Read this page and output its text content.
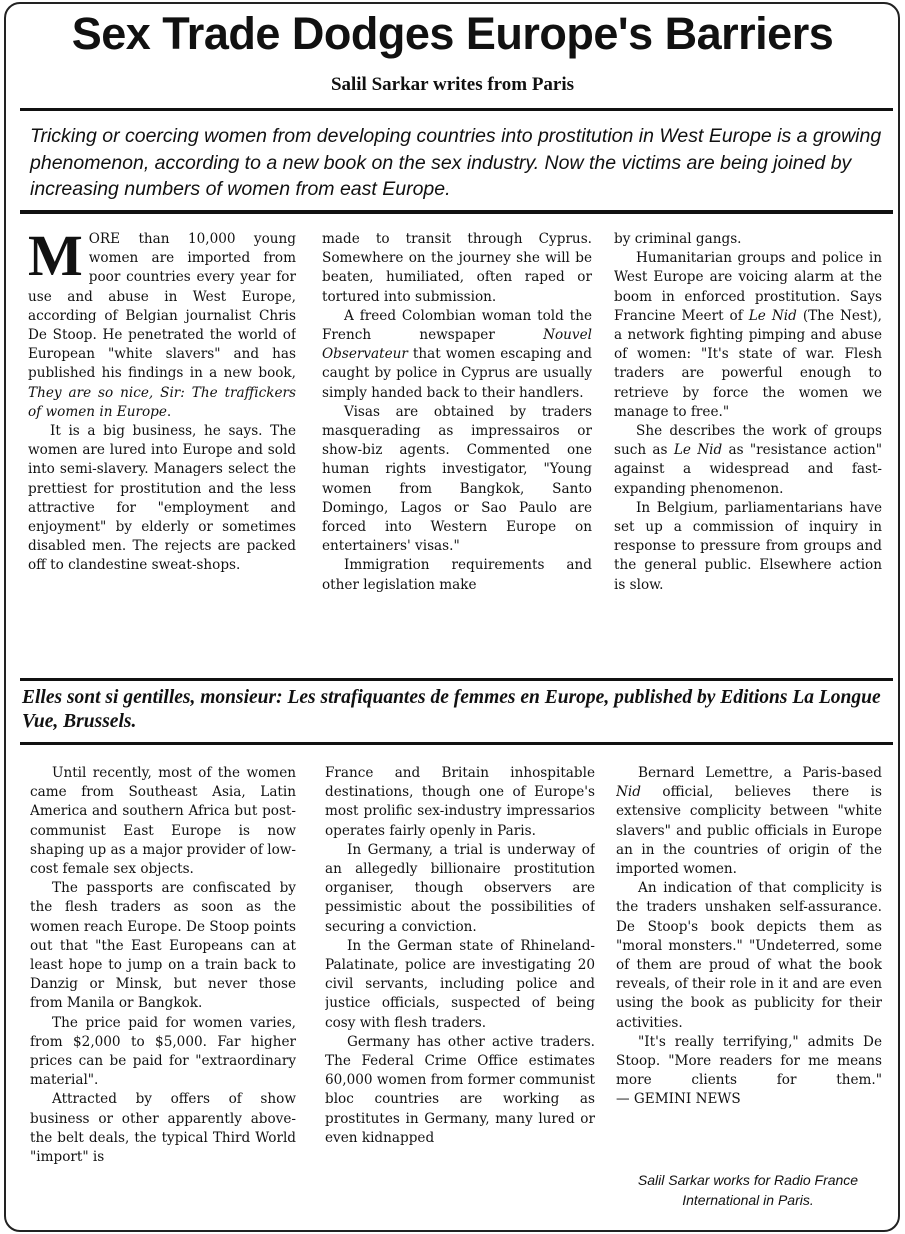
Sex Trade Dodges Europe's Barriers
Salil Sarkar writes from Paris
Tricking or coercing women from developing countries into prostitution in West Europe is a growing phenomenon, according to a new book on the sex industry. Now the victims are being joined by increasing numbers of women from east Europe.

MORE than 10,000 young women are imported from poor countries every year for use and abuse in West Europe, according of Belgian journalist Chris De Stoop. He penetrated the world of European "white slavers" and has published his findings in a new book, They are so nice, Sir: The traffickers of women in Europe.

It is a big business, he says. The women are lured into Europe and sold into semi-slavery. Managers select the prettiest for prostitution and the less attractive for "employment and enjoyment" by elderly or sometimes disabled men. The rejects are packed off to clandestine sweat-shops.

made to transit through Cyprus. Somewhere on the journey she will be beaten, humiliated, often raped or tortured into submission.

A freed Colombian woman told the French newspaper	Nouvel Observateur that women escaping and caught by police in Cyprus are usually simply handed back to their handlers.

Visas are obtained by traders masquerading as impressairos or show-biz agents. Commented one human rights investigator, "Young women from Bangkok, Santo Domingo, Lagos or Sao Paulo are forced into Western Europe on entertainers' visas."

Immigration requirements and other legislation make

by criminal gangs.

Humanitarian groups and police in West Europe are voicing alarm at the boom in enforced prostitution. Says Francine Meert of Le Nid (The Nest), a network fighting pimping and abuse of women: "It's state of war. Flesh traders are powerful enough to retrieve by force the women we manage to free."

She describes the work of groups such as Le Nid as "resistance action" against a widespread and fast-expanding phenomenon.

In Belgium, parliamentarians have set up a commission of inquiry in response to pressure from groups and the general public. Elsewhere action is slow.

Elles sont si gentilles, monsieur: Les strafiquantes de femmes en Europe, published by Editions La Longue Vue, Brussels.

Until recently, most of the women came from Southeast Asia, Latin America and southern Africa but post-communist East Europe is now shaping up as a major provider of low-cost female sex objects.

The passports are confiscated by the flesh traders as soon as the women reach Europe. De Stoop points out that "the East Europeans can at least hope to jump on a train back to Danzig or Minsk, but never those from Manila or Bangkok.

The price paid for women varies, from $2,000 to $5,000. Far higher prices can be paid for "extraordinary material".

Attracted by offers of show business or other apparently above-the belt deals, the typical Third World "import" is

France and Britain inhospitable destinations, though one of Europe's most prolific sex-industry impressarios operates fairly openly in Paris.

In Germany, a trial is underway of an allegedly billionaire prostitution organiser, though observers are pessimistic about the possibilities of securing a conviction.

In the German state of Rhineland-Palatinate, police are investigating 20 civil servants, including police and justice officials, suspected of being cosy with flesh traders.

Germany has other active traders. The Federal Crime Office estimates 60,000 women from former communist bloc countries are working as prostitutes in Germany, many lured or even kidnapped

Bernard Lemettre, a Paris-based Nid official, believes there is extensive complicity between "white slavers" and public officials in Europe an in the countries of origin of the imported women.

An indication of that complicity is the traders unshaken self-assurance. De Stoop's book depicts them as "moral monsters." "Undeterred, some of them are proud of what the book reveals, of their role in it and are even using the book as publicity for their activities.

"It's really terrifying," admits De Stoop. "More readers for me means more clients for them." — GEMINI NEWS

Salil Sarkar works for Radio France International in Paris.
